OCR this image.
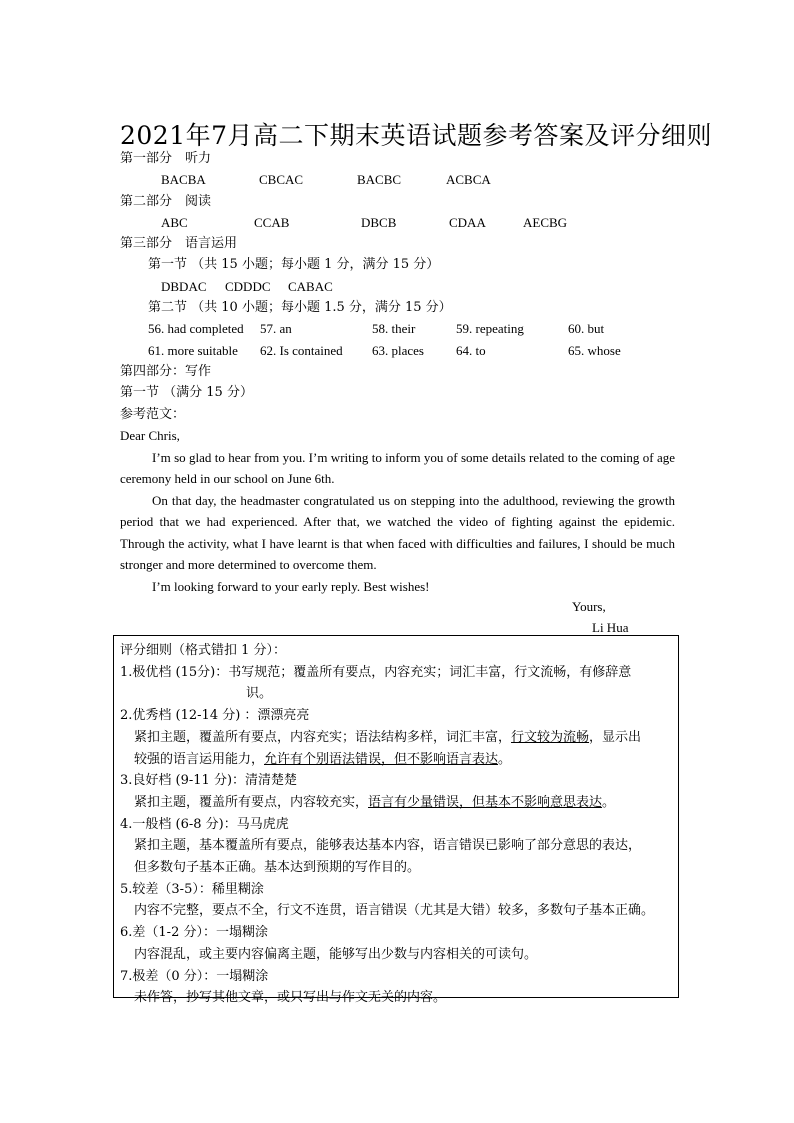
2021年7月高二下期末英语试题参考答案及评分细则
第一部分　听力
BACBA	CBCAC	BACBC	ACBCA
第二部分　阅读
ABC	CCAB	DBCB	CDAA	AECBG
第三部分　语言运用
第一节 （共 15 小题；每小题 1 分，满分 15 分）
DBDAC CDDDC CABAC
第二节 （共 10 小题；每小题 1.5 分，满分 15 分）
56. had completed 57. an	58. their	59. repeating	60. but
61. more suitable 62. Is contained 63. places 64. to	65. whose
第四部分：写作
第一节 （满分 15 分）
参考范文：

Dear Chris,

I’m so glad to hear from you. I’m writing to inform you of some details related to the coming of age ceremony held in our school on June 6th.

On that day, the headmaster congratulated us on stepping into the adulthood, reviewing the growth period that we had experienced. After that, we watched the video of fighting against the epidemic. Through the activity, what I have learnt is that when faced with difficulties and failures, I should be much stronger and more determined to overcome them.

I’m looking forward to your early reply. Best wishes!

Yours,
Li Hua
评分细则（格式错扣 1 分）：
1.极优档 (15分)：书写规范；覆盖所有要点，内容充实；词汇丰富，行文流畅，有修辞意
识。
2.优秀档 (12-14 分) ：漂漂亮亮
紧扣主题，覆盖所有要点，内容充实；语法结构多样，词汇丰富，行文较为流畅，显示出
较强的语言运用能力，允许有个别语法错误，但不影响语言表达。
3.良好档 (9-11 分)：清清楚楚
紧扣主题，覆盖所有要点，内容较充实，语言有少量错误，但基本不影响意思表达。
4.一般档 (6-8 分)：马马虎虎
紧扣主题，基本覆盖所有要点，能够表达基本内容，语言错误已影响了部分意思的表达，
但多数句子基本正确。基本达到预期的写作目的。
5.较差（3-5）：稀里糊涂
内容不完整，要点不全，行文不连贯，语言错误（尤其是大错）较多，多数句子基本正确。
6.差（1-2 分）：一塌糊涂
内容混乱，或主要内容偏离主题，能够写出少数与内容相关的可读句。
7.极差（0 分）：一塌糊涂
未作答，抄写其他文章，或只写出与作文无关的内容。
